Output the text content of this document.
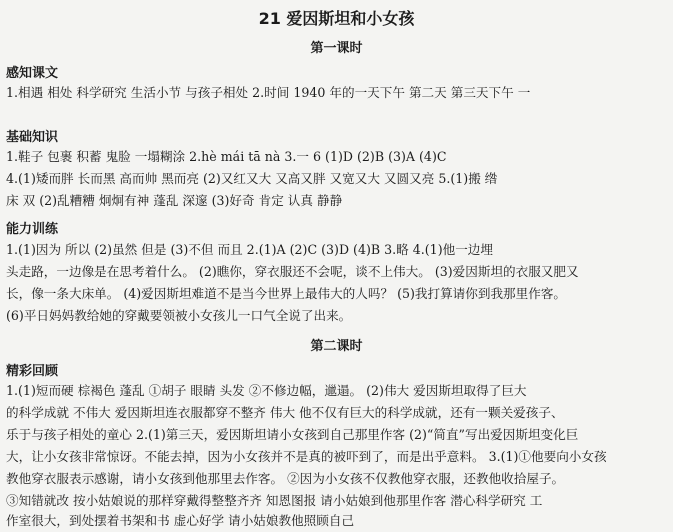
21 爱因斯坦和小女孩
第一课时
感知课文
1.相遇 相处 科学研究 生活小节 与孩子相处 2.时间 1940 年的一天下午 第二天 第三天下午 一
基础知识
1.鞋子 包裹 积蓄 鬼脸 一塌糊涂 2.hè mái tā nà 3.一 6 (1)D (2)B (3)A (4)C
4.(1)矮而胖 长而黑 高而帅 黑而亮 (2)又红又大 又高又胖 又宽又大 又圆又亮 5.(1)搬 绺
床 双 (2)乱糟糟 炯炯有神 蓬乱 深邃 (3)好奇 肯定 认真 静静
能力训练
1.(1)因为 所以 (2)虽然 但是 (3)不但 而且 2.(1)A (2)C (3)D (4)B 3.略 4.(1)他一边埋
头走路，一边像是在思考着什么。 (2)瞧你，穿衣服还不会呢，谈不上伟大。 (3)爱因斯坦的衣服又肥又
长，像一条大床单。 (4)爱因斯坦难道不是当今世界上最伟大的人吗？ (5)我打算请你到我那里作客。
(6)平日妈妈教给她的穿戴要领被小女孩儿一口气全说了出来。
第二课时
精彩回顾
1.(1)短而硬 棕褐色 蓬乱 ①胡子 眼睛 头发 ②不修边幅，邋遢。 (2)伟大 爱因斯坦取得了巨大
的科学成就 不伟大 爱因斯坦连衣服都穿不整齐 伟大 他不仅有巨大的科学成就，还有一颗关爱孩子、
乐于与孩子相处的童心 2.(1)第三天，爱因斯坦请小女孩到自己那里作客 (2)“简直”写出爱因斯坦变化巨
大，让小女孩非常惊讶。不能去掉，因为小女孩并不是真的被吓到了，而是出乎意料。 3.(1)①他要向小女孩
教他穿衣服表示感谢，请小女孩到他那里去作客。 ②因为小女孩不仅教他穿衣服，还教他收拾屋子。
③知错就改 按小姑娘说的那样穿戴得整整齐齐 知恩图报 请小姑娘到他那里作客 潜心科学研究 工
作室很大，到处摆着书架和书 虚心好学 请小姑娘教他照顾自己
